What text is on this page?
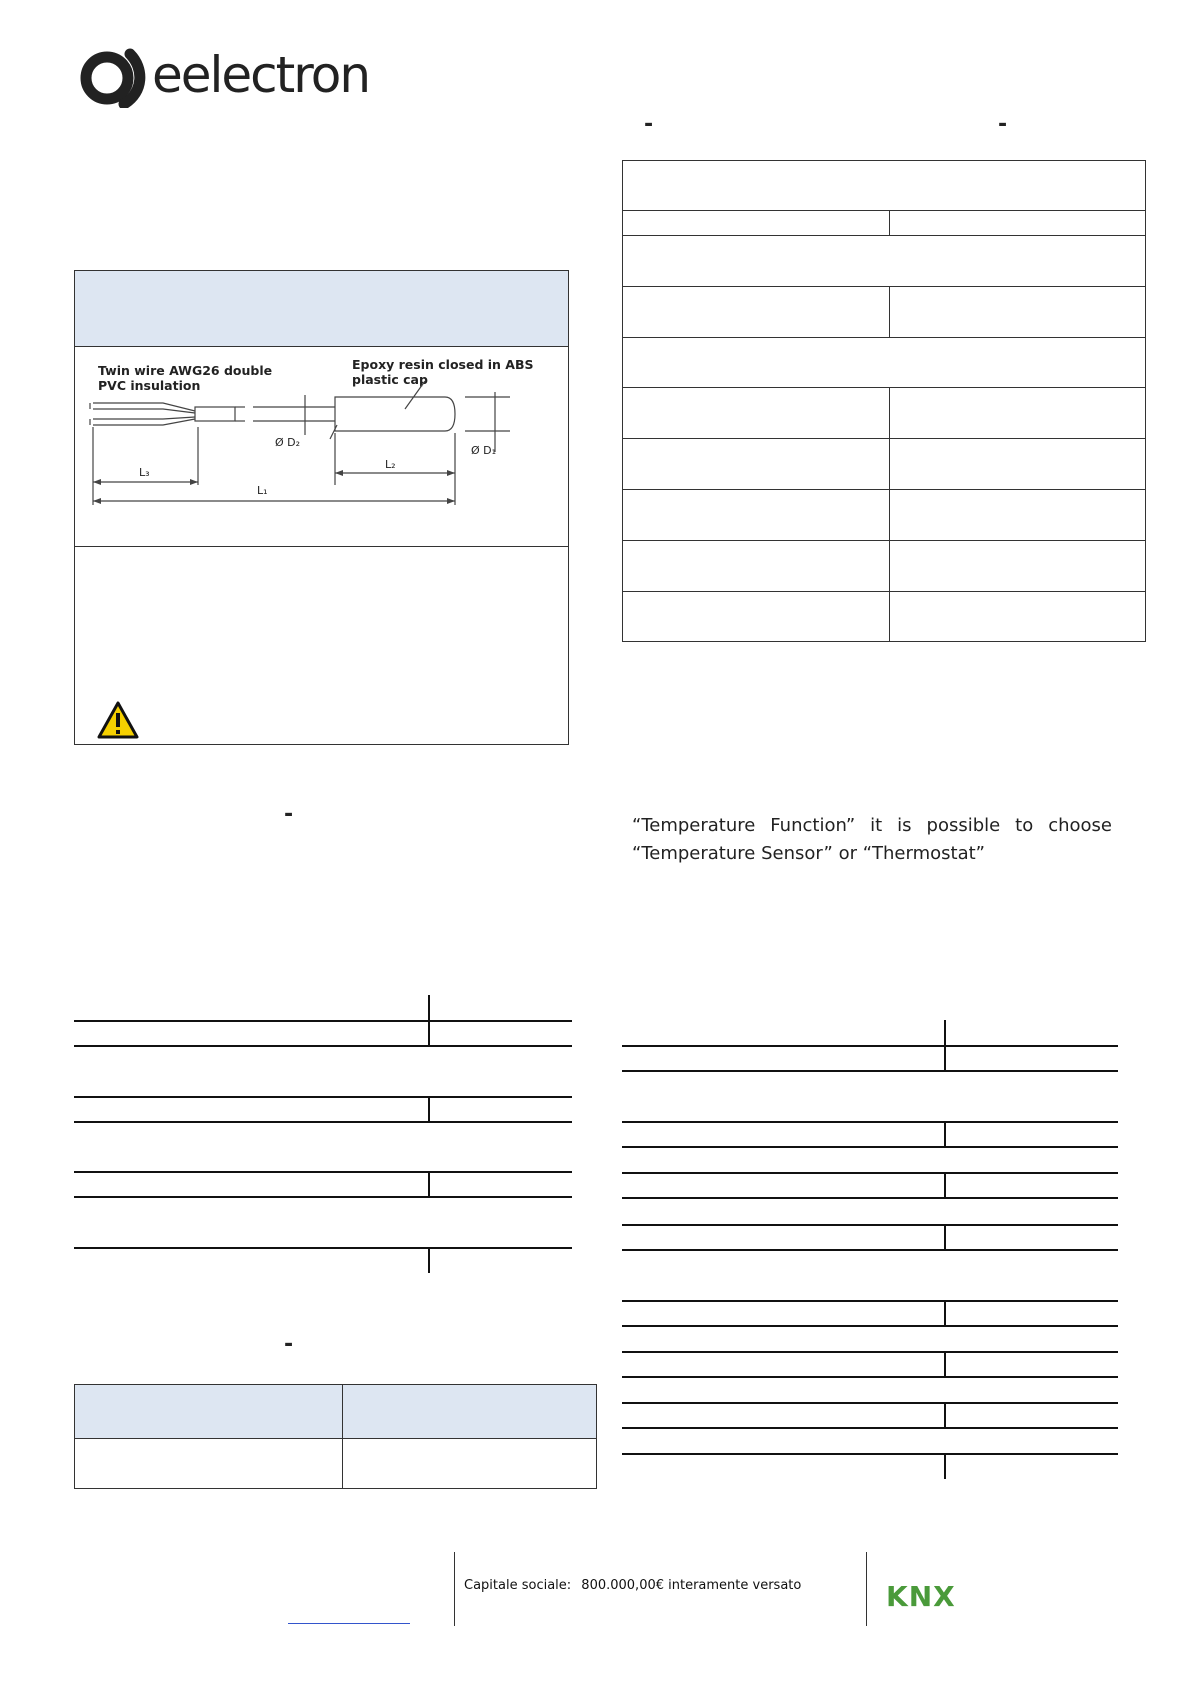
eelectron
-	-
Twin wire AWG26 double PVC insulation
Epoxy resin closed in ABS plastic cap
Ø D₂
Ø D₁
L₃
L₂
L₁
-	“Temperature Function” it is possible to choose
“Temperature Sensor” or “Thermostat”
-
Capitale sociale: 800.000,00€ interamente versato	KNX
